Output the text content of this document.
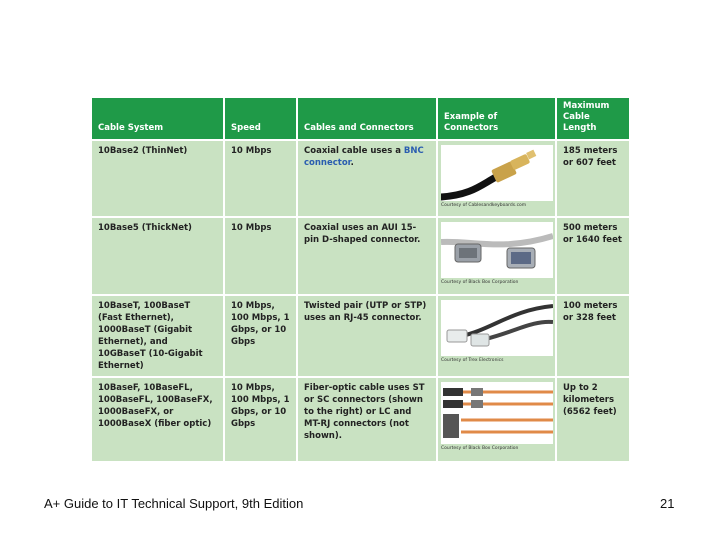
Cable System	Speed	Cables and Connectors	Example of Connectors	Maximum Cable Length
10Base2 (ThinNet)	10 Mbps	Coaxial cable uses a BNC connector.	Courtesy of Cablesandkeyboards.com	185 meters or 607 feet
10Base5 (ThickNet)	10 Mbps	Coaxial uses an AUI 15-pin D-shaped connector.	Courtesy of Black Box Corporation	500 meters or 1640 feet
10BaseT, 100BaseT (Fast Ethernet), 1000BaseT (Gigabit Ethernet), and 10GBaseT (10-Gigabit Ethernet)	10 Mbps, 100 Mbps, 1 Gbps, or 10 Gbps	Twisted pair (UTP or STP) uses an RJ-45 connector.	Courtesy of Trex Electronics	100 meters or 328 feet
10BaseF, 10BaseFL, 100BaseFL, 100BaseFX, 1000BaseFX, or 1000BaseX (fiber optic)	10 Mbps, 100 Mbps, 1 Gbps, or 10 Gbps	Fiber-optic cable uses ST or SC connectors (shown to the right) or LC and MT-RJ connectors (not shown).	Courtesy of Black Box Corporation	Up to 2 kilometers (6562 feet)
A+ Guide to IT Technical Support, 9th Edition	21
